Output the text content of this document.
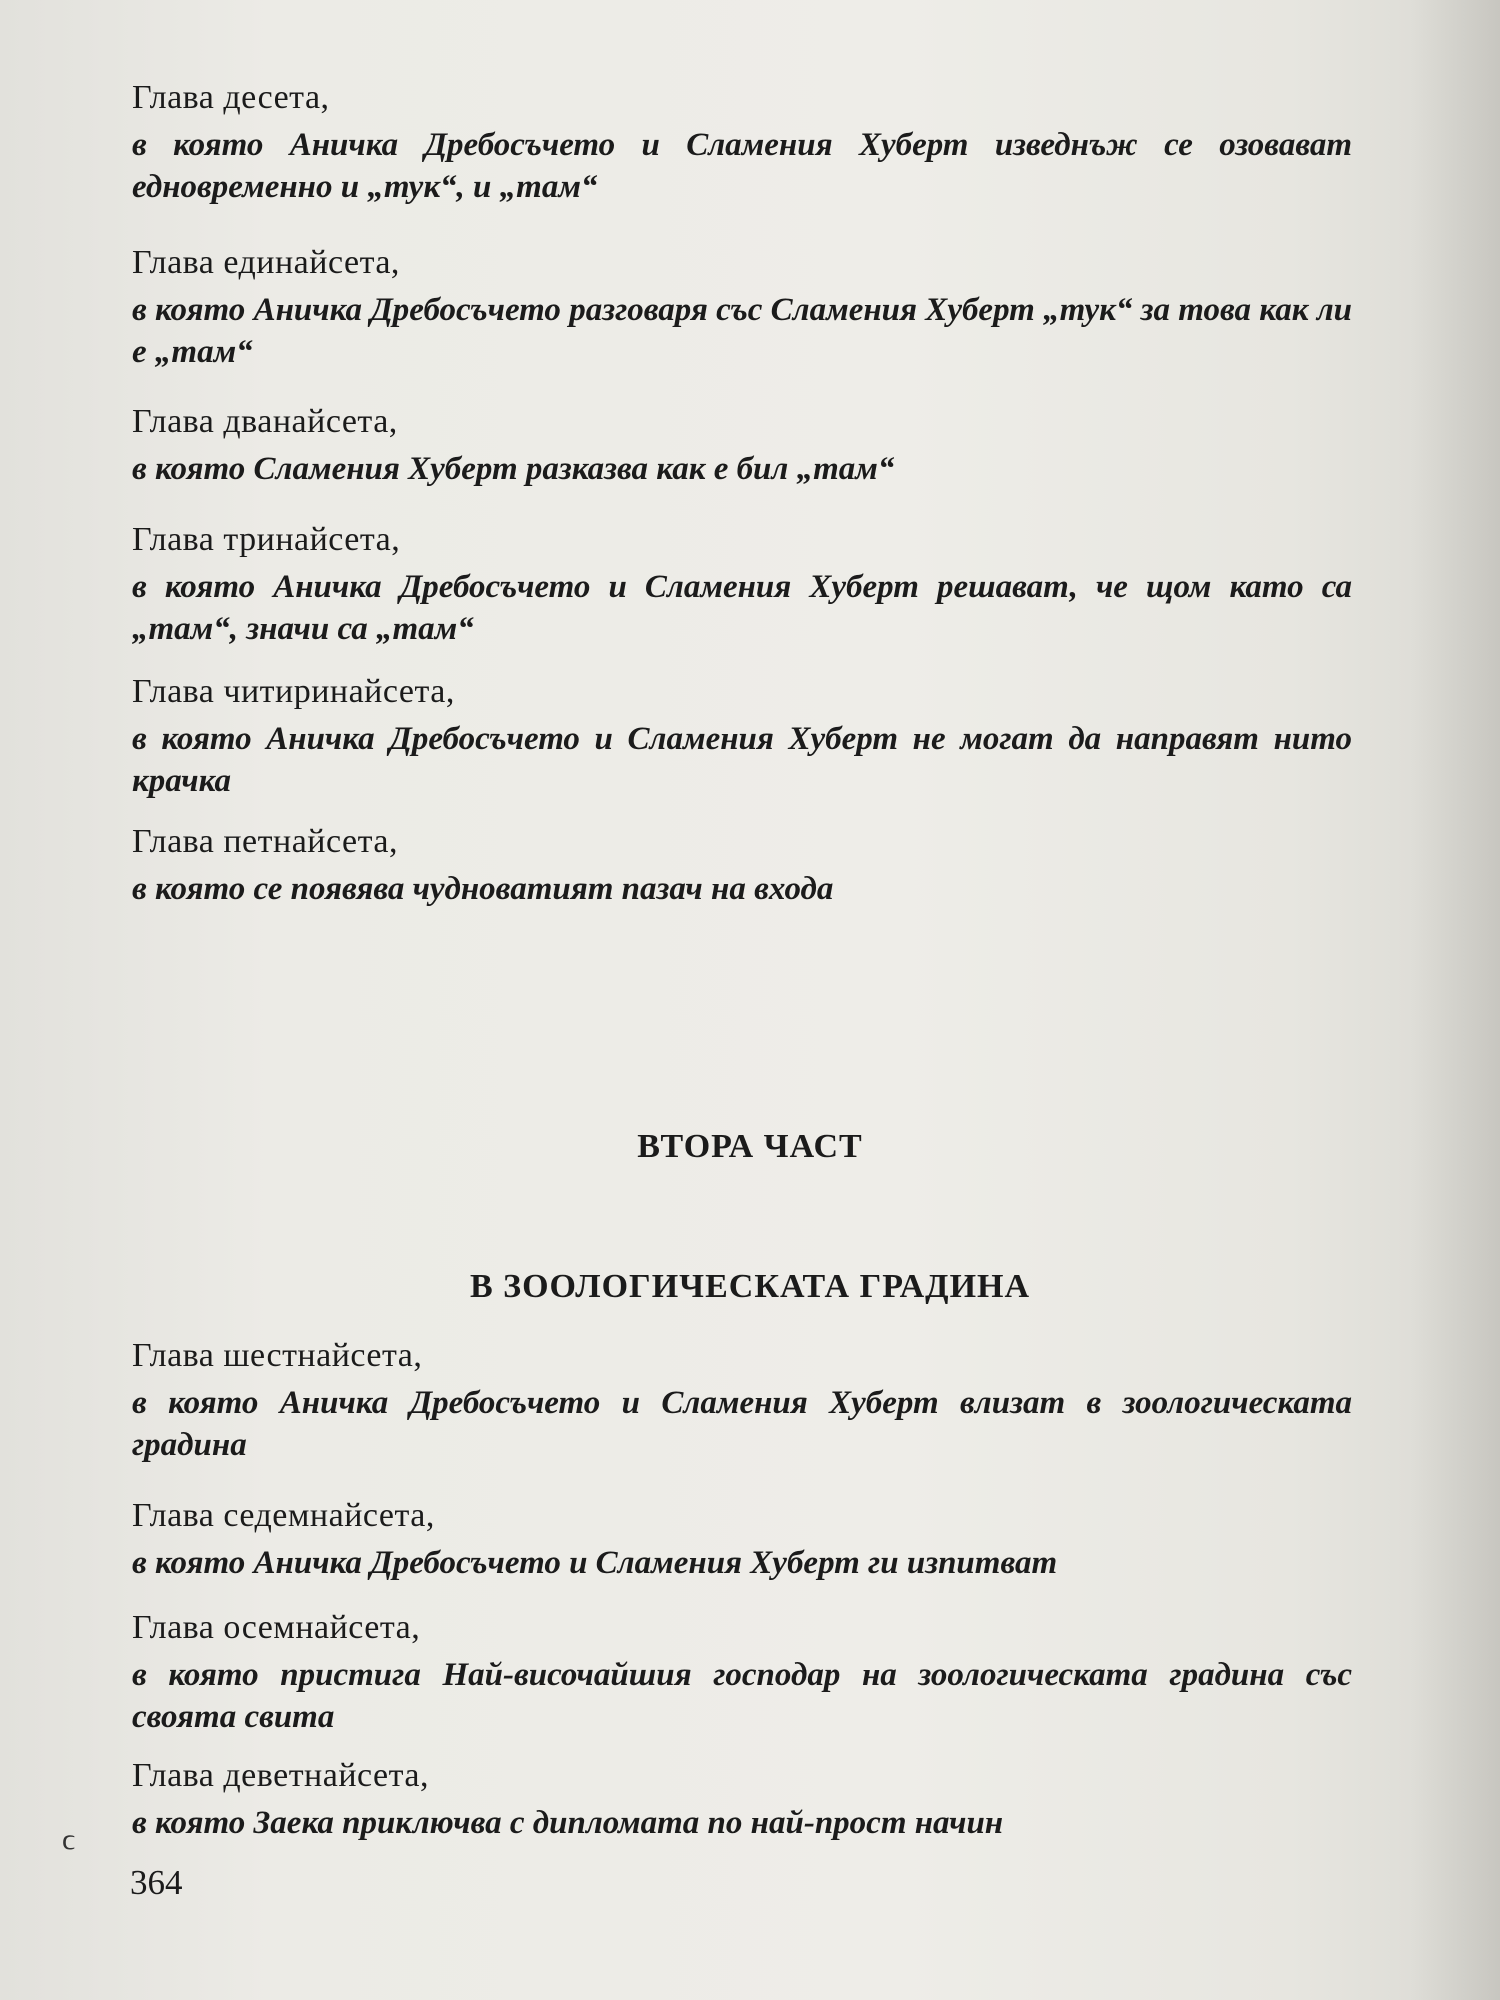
Глава десета,
в която Аничка Дребосъчето и Сламения Хуберт изведнъж се озовават едновременно и „тук“, и „там“
Глава единайсета,
в която Аничка Дребосъчето разговаря със Сламения Хуберт „тук“ за това как ли е „там“
Глава дванайсета,
в която Сламения Хуберт разказва как е бил „там“
Глава тринайсета,
в която Аничка Дребосъчето и Сламения Хуберт решават, че щом като са „там“, значи са „там“
Глава читиринайсета,
в която Аничка Дребосъчето и Сламения Хуберт не могат да направят нито крачка
Глава петнайсета,
в която се появява чудноватият пазач на входа
ВТОРА ЧАСТ
В ЗООЛОГИЧЕСКАТА ГРАДИНА
Глава шестнайсета,
в която Аничка Дребосъчето и Сламения Хуберт влизат в зоологическата градина
Глава седемнайсета,
в която Аничка Дребосъчето и Сламения Хуберт ги изпитват
Глава осемнайсета,
в която пристига Най-височайшия господар на зоологическата градина със своята свита
Глава деветнайсета,
в която Заека приключва с дипломата по най-прост начин
ϲ
364
